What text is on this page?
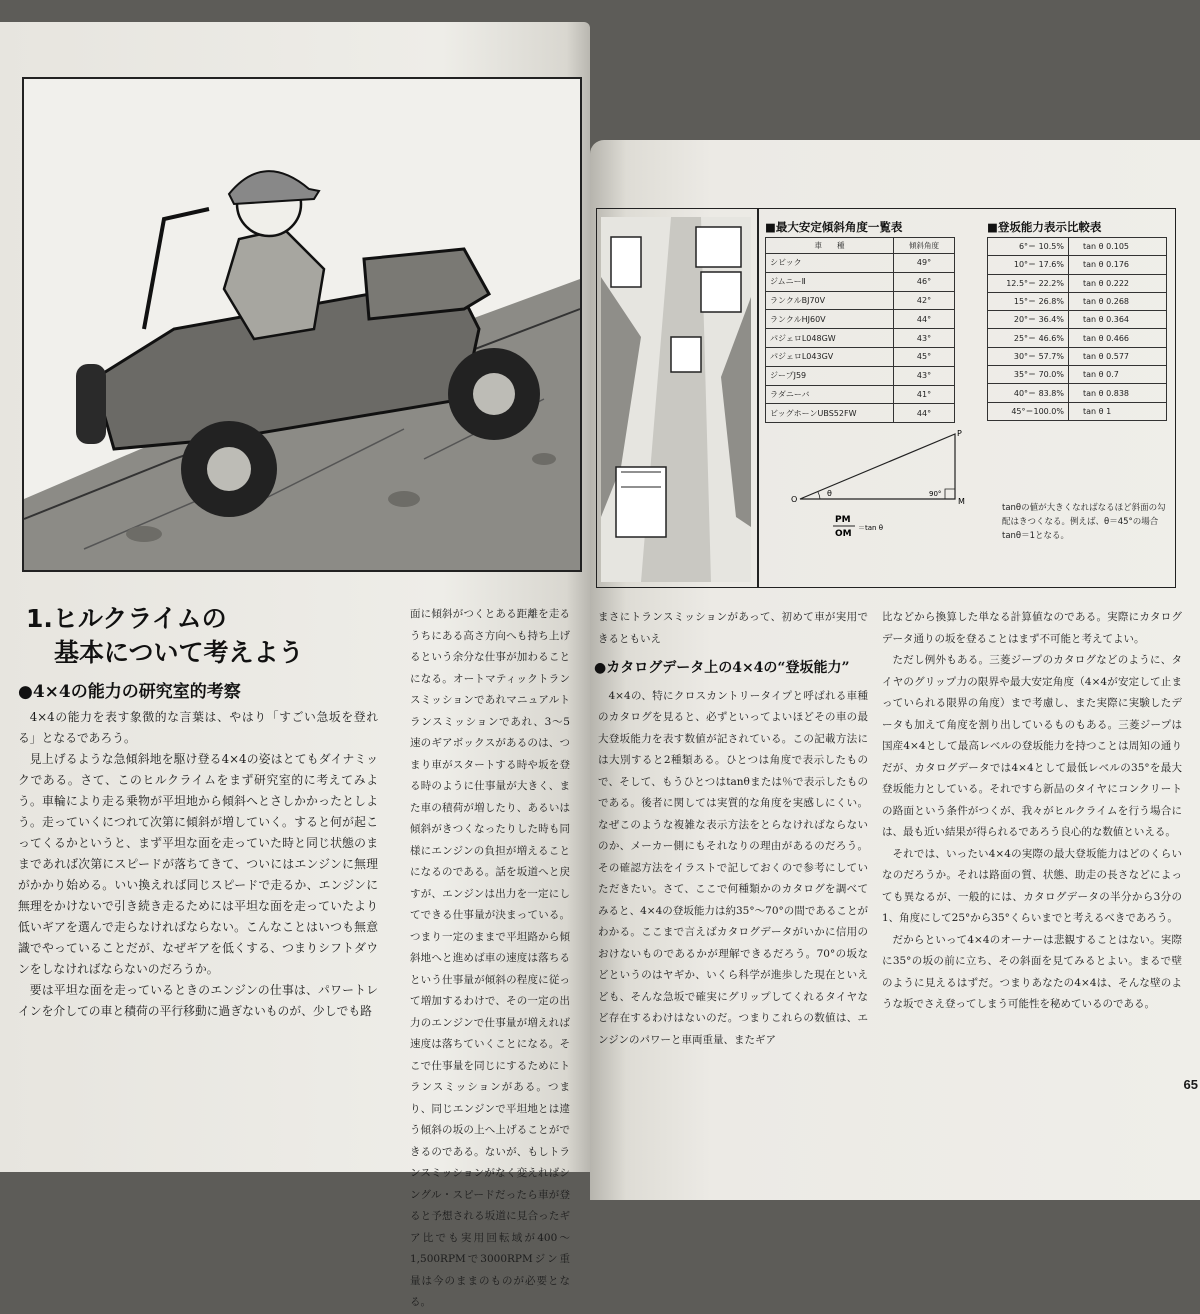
1.ヒルクライムの
基本について考えよう
●4×4の能力の研究室的考察

4×4の能力を表す象徴的な言葉は、やはり「すごい急坂を登れる」となるであろう。

見上げるような急傾斜地を駆け登る4×4の姿はとてもダイナミックである。さて、このヒルクライムをまず研究室的に考えてみよう。車輪により走る乗物が平坦地から傾斜へとさしかかったとしよう。走っていくにつれて次第に傾斜が増していく。すると何が起こってくるかというと、まず平坦な面を走っていた時と同じ状態のままであれば次第にスピードが落ちてきて、ついにはエンジンに無理がかかり始める。いい換えれば同じスピードで走るか、エンジンに無理をかけないで引き続き走るためには平坦な面を走っていたより低いギアを選んで走らなければならない。こんなことはいつも無意識でやっていることだが、なぜギアを低くする、つまりシフトダウンをしなければならないのだろうか。

要は平坦な面を走っているときのエンジンの仕事は、パワートレインを介しての車と積荷の平行移動に過ぎないものが、少しでも路

面に傾斜がつくとある距離を走るうちにある高さ方向へも持ち上げるという余分な仕事が加わることになる。オートマティックトランスミッションであれマニュアルトランスミッションであれ、3～5速のギアボックスがあるのは、つまり車がスタートする時や坂を登る時のように仕事量が大きく、また車の積荷が増したり、あるいは傾斜がきつくなったりした時も同様にエンジンの負担が増えることになるのである。話を坂道へと戻すが、エンジンは出力を一定にしてできる仕事量が決まっている。つまり一定のままで平坦路から傾斜地へと進めば車の速度は落ちるという仕事量が傾斜の程度に従って増加するわけで、その一定の出力のエンジンで仕事量が増えれば速度は落ちていくことになる。そこで仕事量を同じにするためにトランスミッションがある。つまり、同じエンジンで平坦地とは違う傾斜の坂の上へ上げることができるのである。ないが、もしトランスミッションがなく変えればシングル・スピードだったら車が登ると予想される坂道に見合ったギア比でも実用回転域が400～1,500RPMで3000RPMジン重量は今のままのものが必要となる。

■最大安定傾斜角度一覧表
車　　種	傾斜角度
シビック	49°
ジムニーⅡ	46°
ランクルBJ70V	42°
ランクルHJ60V	44°
パジェロL048GW	43°
パジェロL043GV	45°
ジープJ59	43°
ラダニーバ	41°
ビッグホーンUBS52FW	44°
■登坂能力表示比較表
6°＝ 10.5%	tan θ 0.105
10°＝ 17.6%	tan θ 0.176
12.5°＝ 22.2%	tan θ 0.222
15°＝ 26.8%	tan θ 0.268
20°＝ 36.4%	tan θ 0.364
25°＝ 46.6%	tan θ 0.466
30°＝ 57.7%	tan θ 0.577
35°＝ 70.0%	tan θ 0.7
40°＝ 83.8%	tan θ 0.838
45°＝100.0%	tan θ 1
P
O	M
θ	90°
PM
OM
＝tan θ

tanθの値が大きくなればなるほど斜面の勾配はきつくなる。例えば、θ＝45°の場合tanθ＝1となる。

まさにトランスミッションがあって、初めて車が実用できるともいえ

●カタログデータ上の4×4の“登坂能力”

4×4の、特にクロスカントリータイプと呼ばれる車種のカタログを見ると、必ずといってよいほどその車の最大登坂能力を表す数値が記されている。この記載方法には大別すると2種類ある。ひとつは角度で表示したもので、そして、もうひとつはtanθまたは％で表示したものである。後者に関しては実質的な角度を実感しにくい。なぜこのような複雑な表示方法をとらなければならないのか、メーカー側にもそれなりの理由があるのだろう。その確認方法をイラストで記しておくので参考にしていただきたい。さて、ここで何種類かのカタログを調べてみると、4×4の登坂能力は約35°～70°の間であることがわかる。ここまで言えばカタログデータがいかに信用のおけないものであるかが理解できるだろう。70°の坂などというのはヤギか、いくら科学が進歩した現在といえども、そんな急坂で確実にグリップしてくれるタイヤなど存在するわけはないのだ。つまりこれらの数値は、エンジンのパワーと車両重量、またギア

比などから換算した単なる計算値なのである。実際にカタログデータ通りの坂を登ることはまず不可能と考えてよい。

ただし例外もある。三菱ジープのカタログなどのように、タイヤのグリップ力の限界や最大安定角度（4×4が安定して止まっていられる限界の角度）まで考慮し、また実際に実験したデータも加えて角度を割り出しているものもある。三菱ジープは国産4×4として最高レベルの登坂能力を持つことは周知の通りだが、カタログデータでは4×4として最低レベルの35°を最大登坂能力としている。それですら新品のタイヤにコンクリートの路面という条件がつくが、我々がヒルクライムを行う場合には、最も近い結果が得られるであろう良心的な数値といえる。

それでは、いったい4×4の実際の最大登坂能力はどのくらいなのだろうか。それは路面の質、状態、助走の長さなどによっても異なるが、一般的には、カタログデータの半分から3分の1、角度にして25°から35°くらいまでと考えるべきであろう。

だからといって4×4のオーナーは悲観することはない。実際に35°の坂の前に立ち、その斜面を見てみるとよい。まるで壁のように見えるはずだ。つまりあなたの4×4は、そんな壁のような坂でさえ登ってしまう可能性を秘めているのである。

65
